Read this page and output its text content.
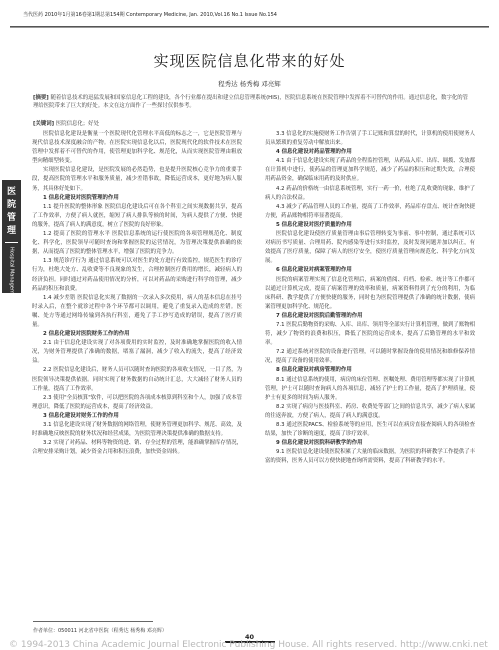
当代医药 2010年1月第16卷第1期总第154期 Contemporary Medicine, Jan. 2010,Vol.16 No.1 Issue No.154
实现医院信息化带来的好处
程秀达 杨秀梅 邓亮辉
[摘要] 随着信息技术的迅猛发展和国家信息化工程的建设，各个行业都在提出和建立信息管理系统(HIS)，医院信息系统在医院管理中发挥着不可替代的作用。通过信息化，数字化的管理给医院带来了巨大的好处。本文在这方面作了一些探讨仅供参考。
[关键词] 医院信息化；好处
医
院
管
理
Hospital Management

医院信息化建设是衡量一个医院现代化管理水平高低的标志之一，它是医院管理与现代信息技术深度融合的产物。在医院实现信息化以后，医院现代化的软件技术在医院管理中发挥着不可替代的作用，使管理更加科学化、规范化，从而实现医院管理由粗放型向精细型转变。

实现医院信息化建设，是医院发展的必然趋势，也是提升医院核心竞争力的重要手段，提高医院的管理水平和服务质量，减少差错事故，降低运营成本，更好地为病人服务，其具体好处如下。

1 信息化建设对医院管理的作用

1.1 提升医院的整体形象 医院信息化建设后可在各个科室之间实现数据共享，提高了工作效率，方便了病人就医，缩短了病人排队等候的时间，为病人提供了方便、快捷的服务，提高了病人的满意度，树立了医院的良好形象。

1.2 提高了医院的管理水平 医院信息系统的运行使医院的各项管理规范化、制度化、科学化，医院领导可随时查询和掌握医院的运营情况，为管理决策提供准确的依据，从而提高了医院的整体管理水平，增强了医院的竞争力。

1.3 规范诊疗行为 通过信息系统可以对医生的处方进行有效监控，规范医生的诊疗行为，杜绝大处方、乱收费等不良现象的发生，合理控制医疗费用的增长，减轻病人的经济负担。同时通过对药品使用情况的分析，可以对药品的采购进行科学的管理，减少药品的积压和浪费。

1.4 减少差错 医院信息化实现了数据的一次录入多次使用，病人的基本信息在挂号时录入后，在整个就诊过程中各个环节都可以调用，避免了重复录入造成的差错。医嘱、处方等通过网络传输到各执行科室，避免了手工抄写造成的错误，提高了医疗质量。

2 信息化建设对医院财务工作的作用

2.1 由于信息化建设实现了对各项费用的实时监控，及时准确地掌握医院的收入情况，为财务管理提供了准确的数据，堵塞了漏洞，减少了收入的流失，提高了经济效益。

2.2 医院信息化建设后，财务人员可以随时查询医院的各项收支情况，一目了然，为医院领导决策提供依据。同时实现了财务数据的自动统计汇总，大大减轻了财务人员的工作量，提高了工作效率。

2.3 使用"全员核算"软件，可以把医院的各项成本核算到科室和个人，加强了成本管理意识，降低了医院的运营成本，提高了经济效益。

3 信息化建设对财务工作的作用

3.1 信息化建设实现了财务数据的网络管理，使财务管理更加科学、规范、高效，及时准确地反映医院的财务状况和经营成果，为医院管理决策提供准确的数据支持。

3.2 实现了对药品、材料等物资的进、销、存全过程的管理，能准确掌握库存情况，合理安排采购计划，减少资金占用和积压浪费，加快资金周转。

3.3 信息化的实施使财务工作告别了手工记账和算盘的时代，计算机的使用使财务人员从繁琐的重复劳动中解放出来。

4 信息化建设对药品管理的作用

4.1 由于信息化建设实现了药品的全程监控管理，从药品入库、出库、调拨、发放都在计算机中进行，使药品的管理更加科学规范，减少了药品的积压和过期失效，合理使用药品资金，确保临床用药的及时供应。

4.2 药品的价格统一由信息系统管理，实行一药一价，杜绝了乱收费的现象，维护了病人的合法权益。

4.3 减少了药品管理人员的工作量，提高了工作效率，药品库存盘点、统计查询快捷方便，药品账物相符率显著提高。

5 信息化建设对医疗质量的作用

医院信息化建设使医疗质量管理由事后管理转变为事前、事中控制，通过系统可以对病历书写质量、合理用药、院内感染等进行实时监控，及时发现问题并加以纠正，有效提高了医疗质量，保障了病人的医疗安全，使医疗质量管理向规范化、科学化方向发展。

6 信息化建设对病案管理的作用

医院的病案管理实现了信息化管理后，病案的借阅、归档、检索、统计等工作都可以通过计算机完成，提高了病案管理的效率和质量，病案资料得到了充分的利用，为临床科研、教学提供了方便快捷的服务，同时也为医院管理提供了准确的统计数据，使病案管理更加科学化、规范化。

7 信息化建设对医院后勤管理的作用

7.1 医院后勤物资的采购、入库、出库、领用等全部实行计算机管理，做到了账物相符，减少了物资的浪费和积压，降低了医院的运营成本，提高了后勤管理的水平和效率。

7.2 通过系统对医院的设备进行管理，可以随时掌握设备的使用情况和维修保养情况，提高了设备的使用效率。

8 信息化建设对病房管理的作用

8.1 通过信息系统的使用，病房的床位管理、医嘱处理、费用管理等都实现了计算机管理，护士可以随时查询病人的各项信息，减轻了护士的工作量，提高了护理质量，使护士有更多的时间为病人服务。

8.2 实现了病房与医技科室、药房、收费处等部门之间的信息共享，减少了病人家属的往返奔波，方便了病人，提高了病人的满意度。

8.3 通过医院PACS、检验系统等的应用，医生可以在病房直接查阅病人的各项检查结果，加快了诊断的速度，提高了诊疗效率。

9 信息化建设对医院科研教学的作用

9.1 医院信息化建设使医院积累了大量的临床数据，为医院的科研教学工作提供了丰富的资料，医务人员可以方便快捷地查询所需资料，提高了科研教学的水平。

作者单位：050011 河北省中医院（程秀达 杨秀梅 邓亮辉）
40
© 1994-2013 China Academic Journal Electronic Publishing House. All rights reserved. http://www.cnki.net
